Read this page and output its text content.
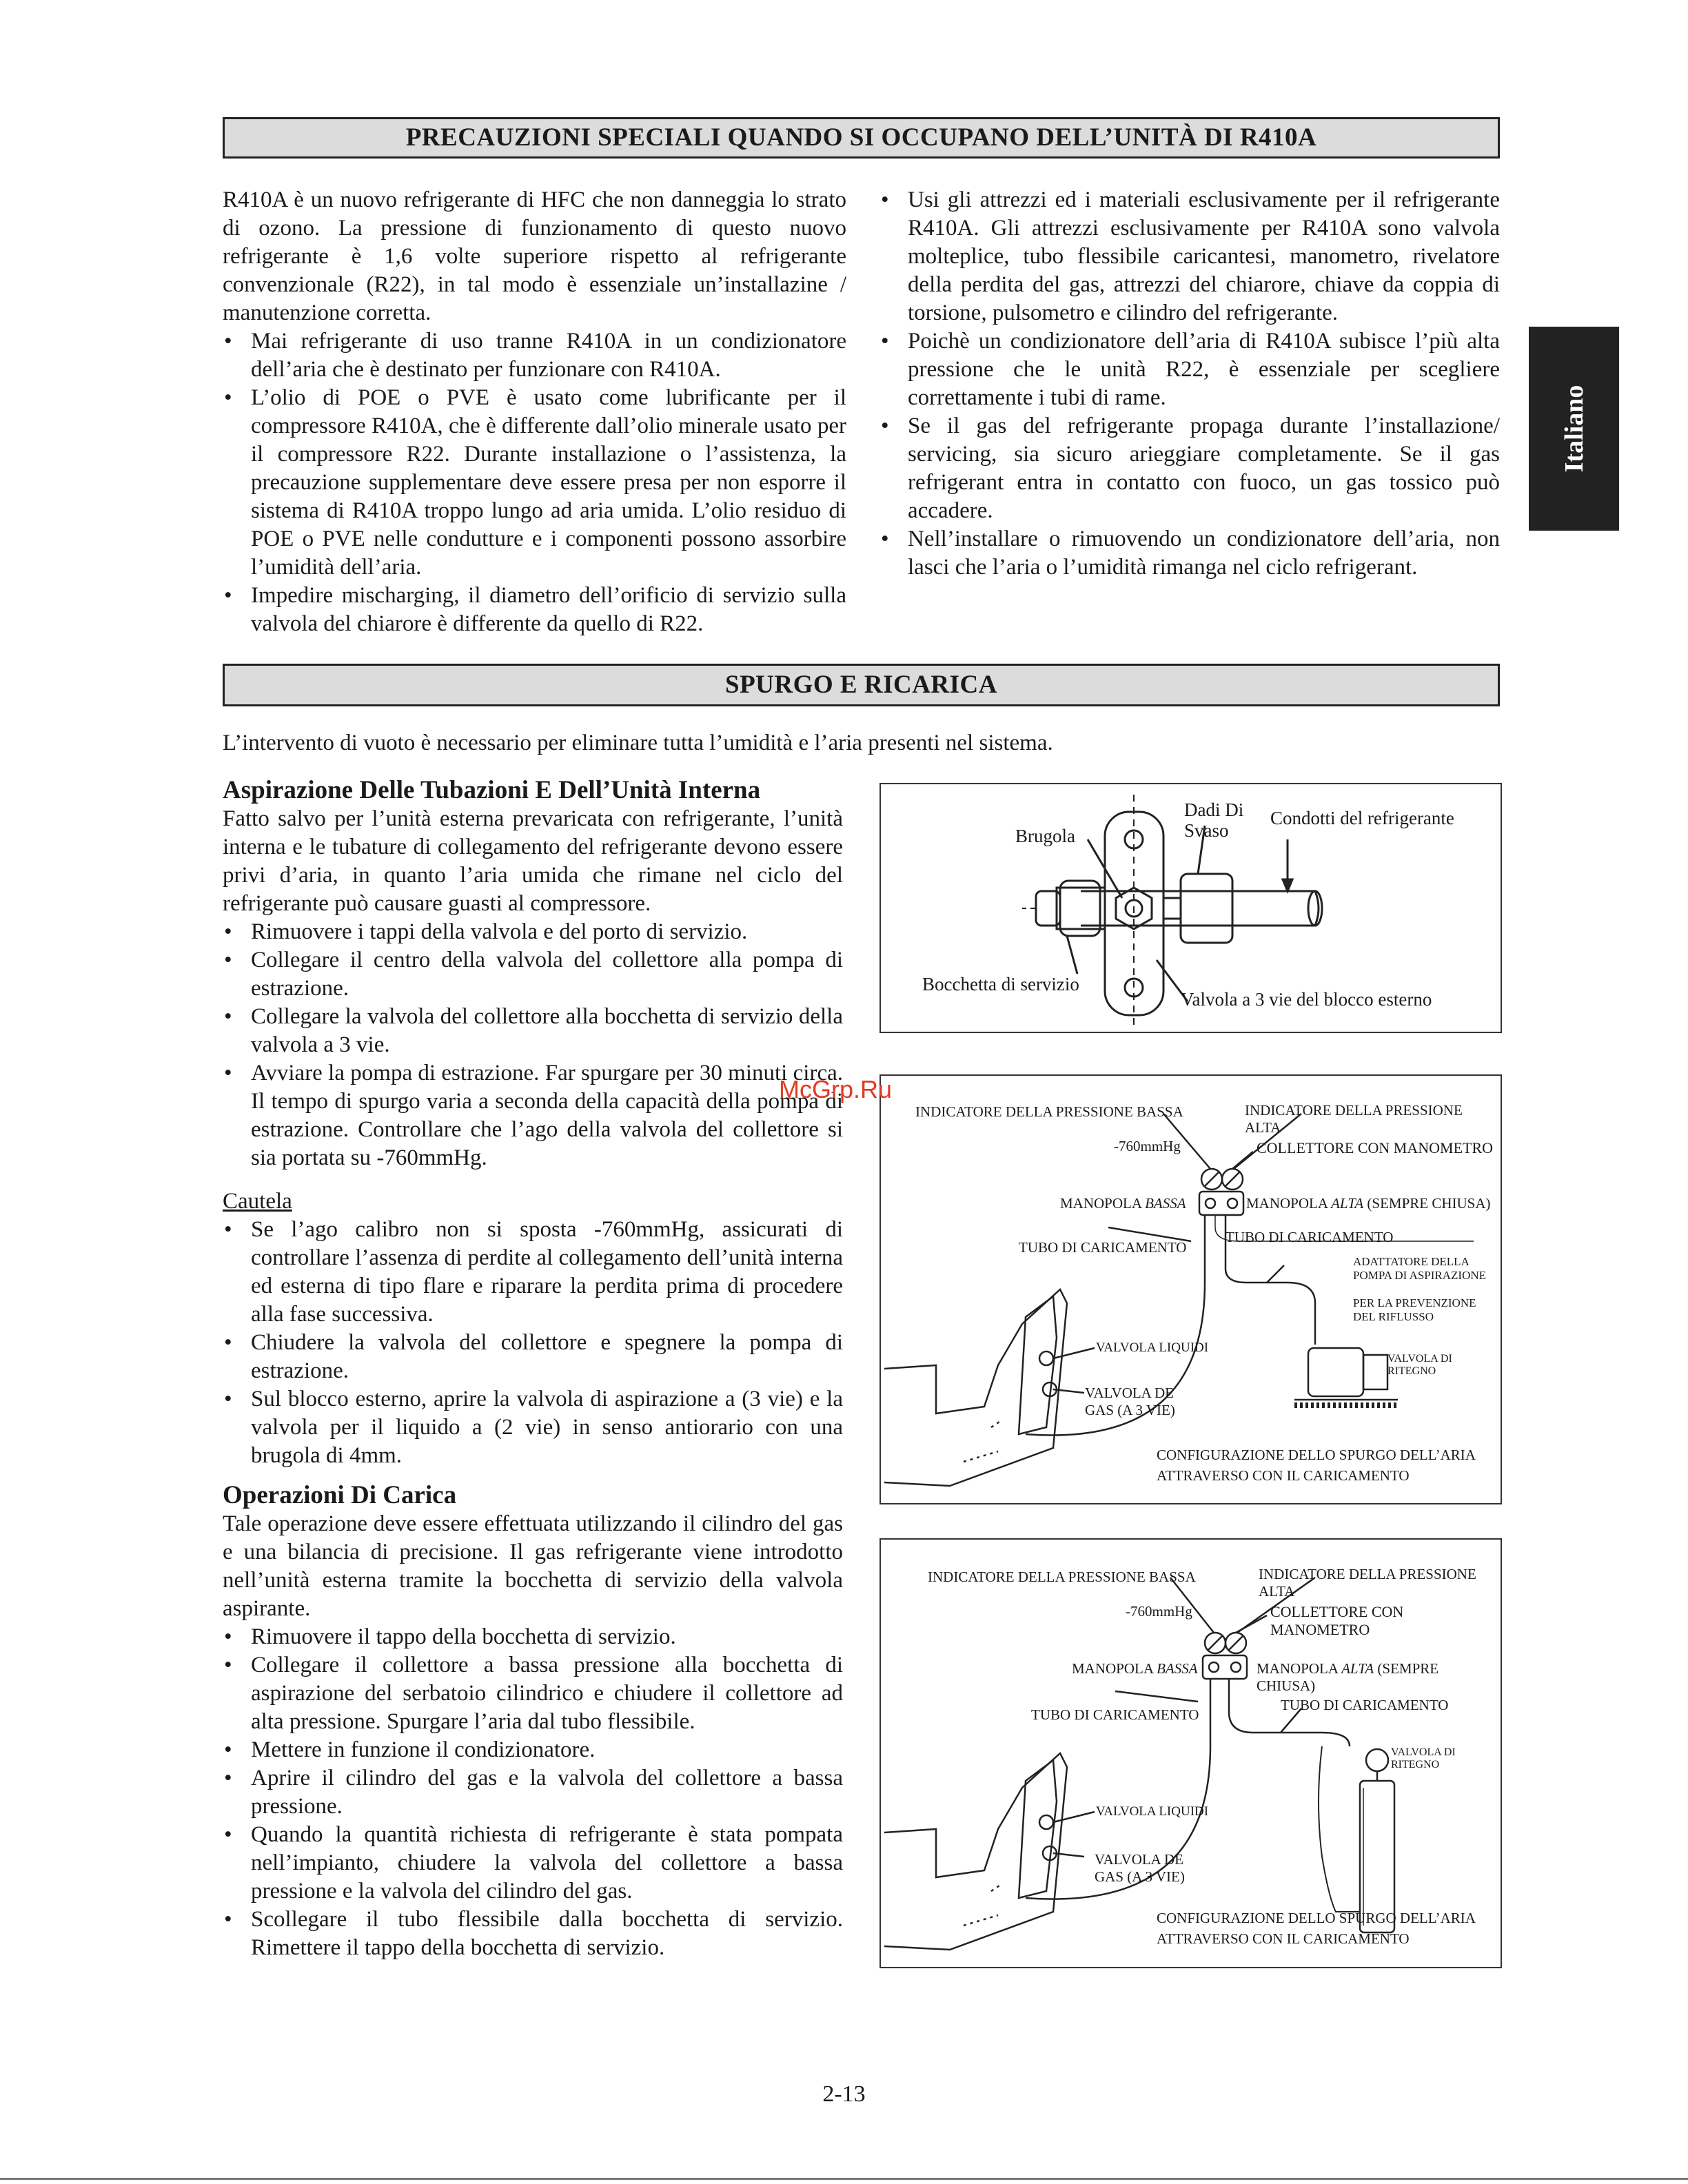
PRECAUZIONI SPECIALI QUANDO SI OCCUPANO DELL’UNITÀ DI R410A

R410A è un nuovo refrigerante di HFC che non danneggia lo strato di ozono. La pressione di funzionamento di questo nuovo refrigerante è 1,6 volte superiore rispetto al refrigerante convenzionale (R22), in tal modo è essenziale un’installazine / manutenzione corretta.

• Mai refrigerante di uso tranne R410A in un condizionatore dell’aria che è destinato per funzionare con R410A.
• L’olio di POE o PVE è usato come lubrificante per il compressore R410A, che è differente dall’olio minerale usato per il compressore R22. Durante installazione o l’assistenza, la precauzione supplementare deve essere presa per non esporre il sistema di R410A troppo lungo ad aria umida. L’olio residuo di POE o PVE nelle condutture e i componenti possono assorbire l’umidità dell’aria.
• Impedire mischarging, il diametro dell’orificio di servizio sulla valvola del chiarore è differente da quello di R22.
• Usi gli attrezzi ed i materiali esclusivamente per il refrigerante R410A. Gli attrezzi esclusivamente per R410A sono valvola molteplice, tubo flessibile caricantesi, manometro, rivelatore della perdita del gas, attrezzi del chiarore, chiave da coppia di torsione, pulsometro e cilindro del refrigerante.
• Poichè un condizionatore dell’aria di R410A subisce l’più alta pressione che le unità R22, è essenziale per scegliere correttamente i tubi di rame.
• Se il gas del refrigerante propaga durante l’installazione/ servicing, sia sicuro arieggiare completamente. Se il gas refrigerant entra in contatto con fuoco, un gas tossico può accadere.
• Nell’installare o rimuovendo un condizionatore dell’aria, non lasci che l’aria o l’umidità rimanga nel ciclo refrigerant.
Italiano
SPURGO E RICARICA
L’intervento di vuoto è necessario per eliminare tutta l’umidità e l’aria presenti nel sistema.

Aspirazione Delle Tubazioni E Dell’Unità Interna

Fatto salvo per l’unità esterna prevaricata con refrigerante, l’unità interna e le tubature di collegamento del refrigerante devono essere privi d’aria, in quanto l’aria umida che rimane nel ciclo del refrigerante può causare guasti al compressore.

• Rimuovere i tappi della valvola e del porto di servizio.
• Collegare il centro della valvola del collettore alla pompa di estrazione.
• Collegare la valvola del collettore alla bocchetta di servizio della valvola a 3 vie.
• Avviare la pompa di estrazione. Far spurgare per 30 minuti circa. Il tempo di spurgo varia a seconda della capacità della pompa di estrazione. Controllare che l’ago della valvola del collettore si sia portata su -760mmHg.

Cautela

• Se l’ago calibro non si sposta -760mmHg, assicurati di controllare l’assenza di perdite al collegamento dell’unità interna ed esterna di tipo flare e riparare la perdita prima di procedere alla fase successiva.
• Chiudere la valvola del collettore e spegnere la pompa di estrazione.
• Sul blocco esterno, aprire la valvola di aspirazione a (3 vie) e la valvola per il liquido a (2 vie) in senso antiorario con una brugola di 4mm.

Operazioni Di Carica

Tale operazione deve essere effettuata utilizzando il cilindro del gas e una bilancia di precisione. Il gas refrigerante viene introdotto nell’unità esterna tramite la bocchetta di servizio della valvola aspirante.

• Rimuovere il tappo della bocchetta di servizio.
• Collegare il collettore a bassa pressione alla bocchetta di aspirazione del serbatoio cilindrico e chiudere il collettore ad alta pressione. Spurgare l’aria dal tubo flessibile.
• Mettere in funzione il condizionatore.
• Aprire il cilindro del gas e la valvola del collettore a bassa pressione.
• Quando la quantità richiesta di refrigerante è stata pompata nell’impianto, chiudere la valvola del collettore a bassa pressione e la valvola del cilindro del gas.
• Scollegare il tubo flessibile dalla bocchetta di servizio. Rimettere il tappo della bocchetta di servizio.
Brugola
Dadi Di
Svaso
Condotti del refrigerante
Bocchetta di servizio
Valvola a 3 vie del blocco esterno
INDICATORE DELLA PRESSIONE BASSA	INDICATORE DELLA PRESSIONE ALTA
-760mmHg	COLLETTORE CON MANOMETRO
MANOPOLA BASSA	MANOPOLA ALTA (SEMPRE CHIUSA)
TUBO DI CARICAMENTO
TUBO DI CARICAMENTO
ADATTATORE DELLA
POMPA DI ASPIRAZIONE
PER LA PREVENZIONE
DEL RIFLUSSO
VALVOLA DI RITEGNO
VALVOLA LIQUIDI
VALVOLA DE
GAS (A 3 VIE)
CONFIGURAZIONE DELLO SPURGO DELL’ARIA
ATTRAVERSO CON IL CARICAMENTO
INDICATORE DELLA PRESSIONE BASSA	INDICATORE DELLA PRESSIONE ALTA
-760mmHg	COLLETTORE CON MANOMETRO
MANOPOLA BASSA	MANOPOLA ALTA (SEMPRE CHIUSA)
TUBO DI CARICAMENTO
TUBO DI CARICAMENTO
VALVOLA DI RITEGNO
VALVOLA LIQUIDI
VALVOLA DE
GAS (A 3 VIE)
CONFIGURAZIONE DELLO SPURGO DELL’ARIA
ATTRAVERSO CON IL CARICAMENTO
McGrp.Ru
2-13
